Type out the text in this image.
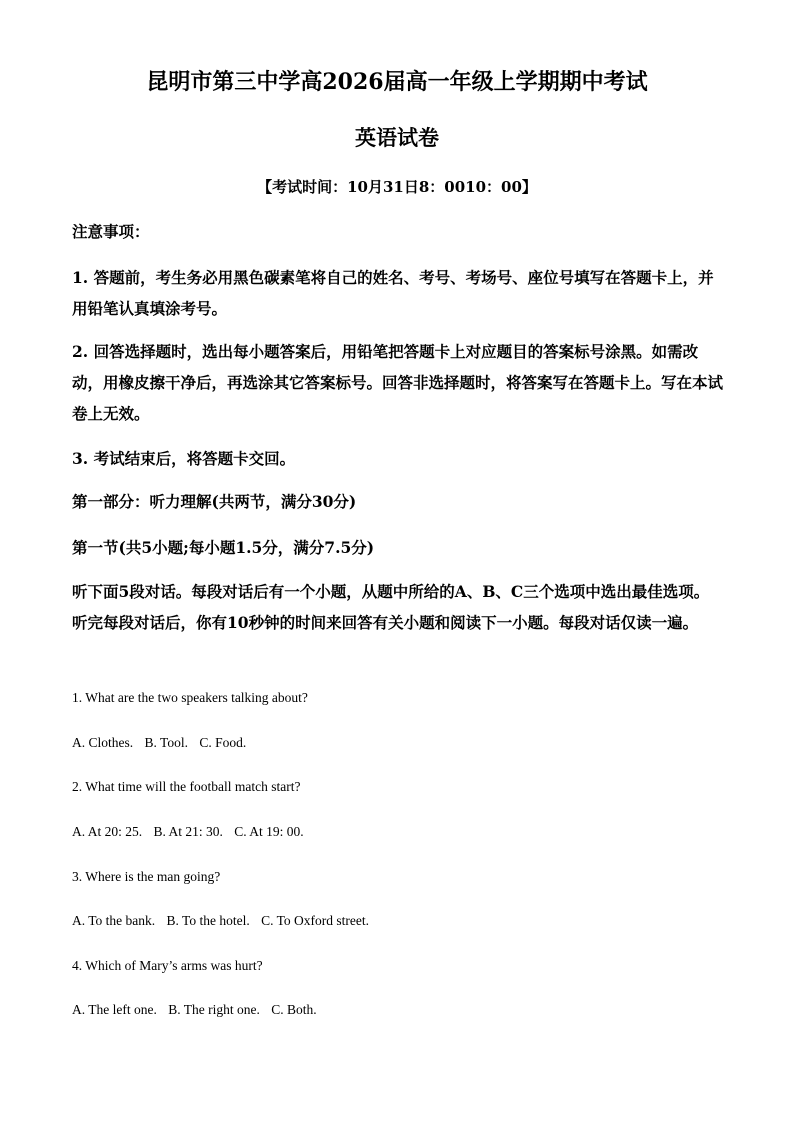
昆明市第三中学高2026届高一年级上学期期中考试
英语试卷
【考试时间：10月31日8：0010：00】
注意事项：
1. 答题前，考生务必用黑色碳素笔将自己的姓名、考号、考场号、座位号填写在答题卡上，并用铅笔认真填涂考号。
2. 回答选择题时，选出每小题答案后，用铅笔把答题卡上对应题目的答案标号涂黑。如需改动，用橡皮擦干净后，再选涂其它答案标号。回答非选择题时，将答案写在答题卡上。写在本试卷上无效。
3. 考试结束后，将答题卡交回。
第一部分：听力理解(共两节，满分30分)
第一节(共5小题;每小题1.5分，满分7.5分)
听下面5段对话。每段对话后有一个小题，从题中所给的A、B、C三个选项中选出最佳选项。听完每段对话后，你有10秒钟的时间来回答有关小题和阅读下一小题。每段对话仅读一遍。
1. What are the two speakers talking about?
A. Clothes. B. Tool. C. Food.
2. What time will the football match start?
A. At 20: 25. B. At 21: 30. C. At 19: 00.
3. Where is the man going?
A. To the bank. B. To the hotel. C. To Oxford street.
4. Which of Mary’s arms was hurt?
A. The left one. B. The right one. C. Both.
